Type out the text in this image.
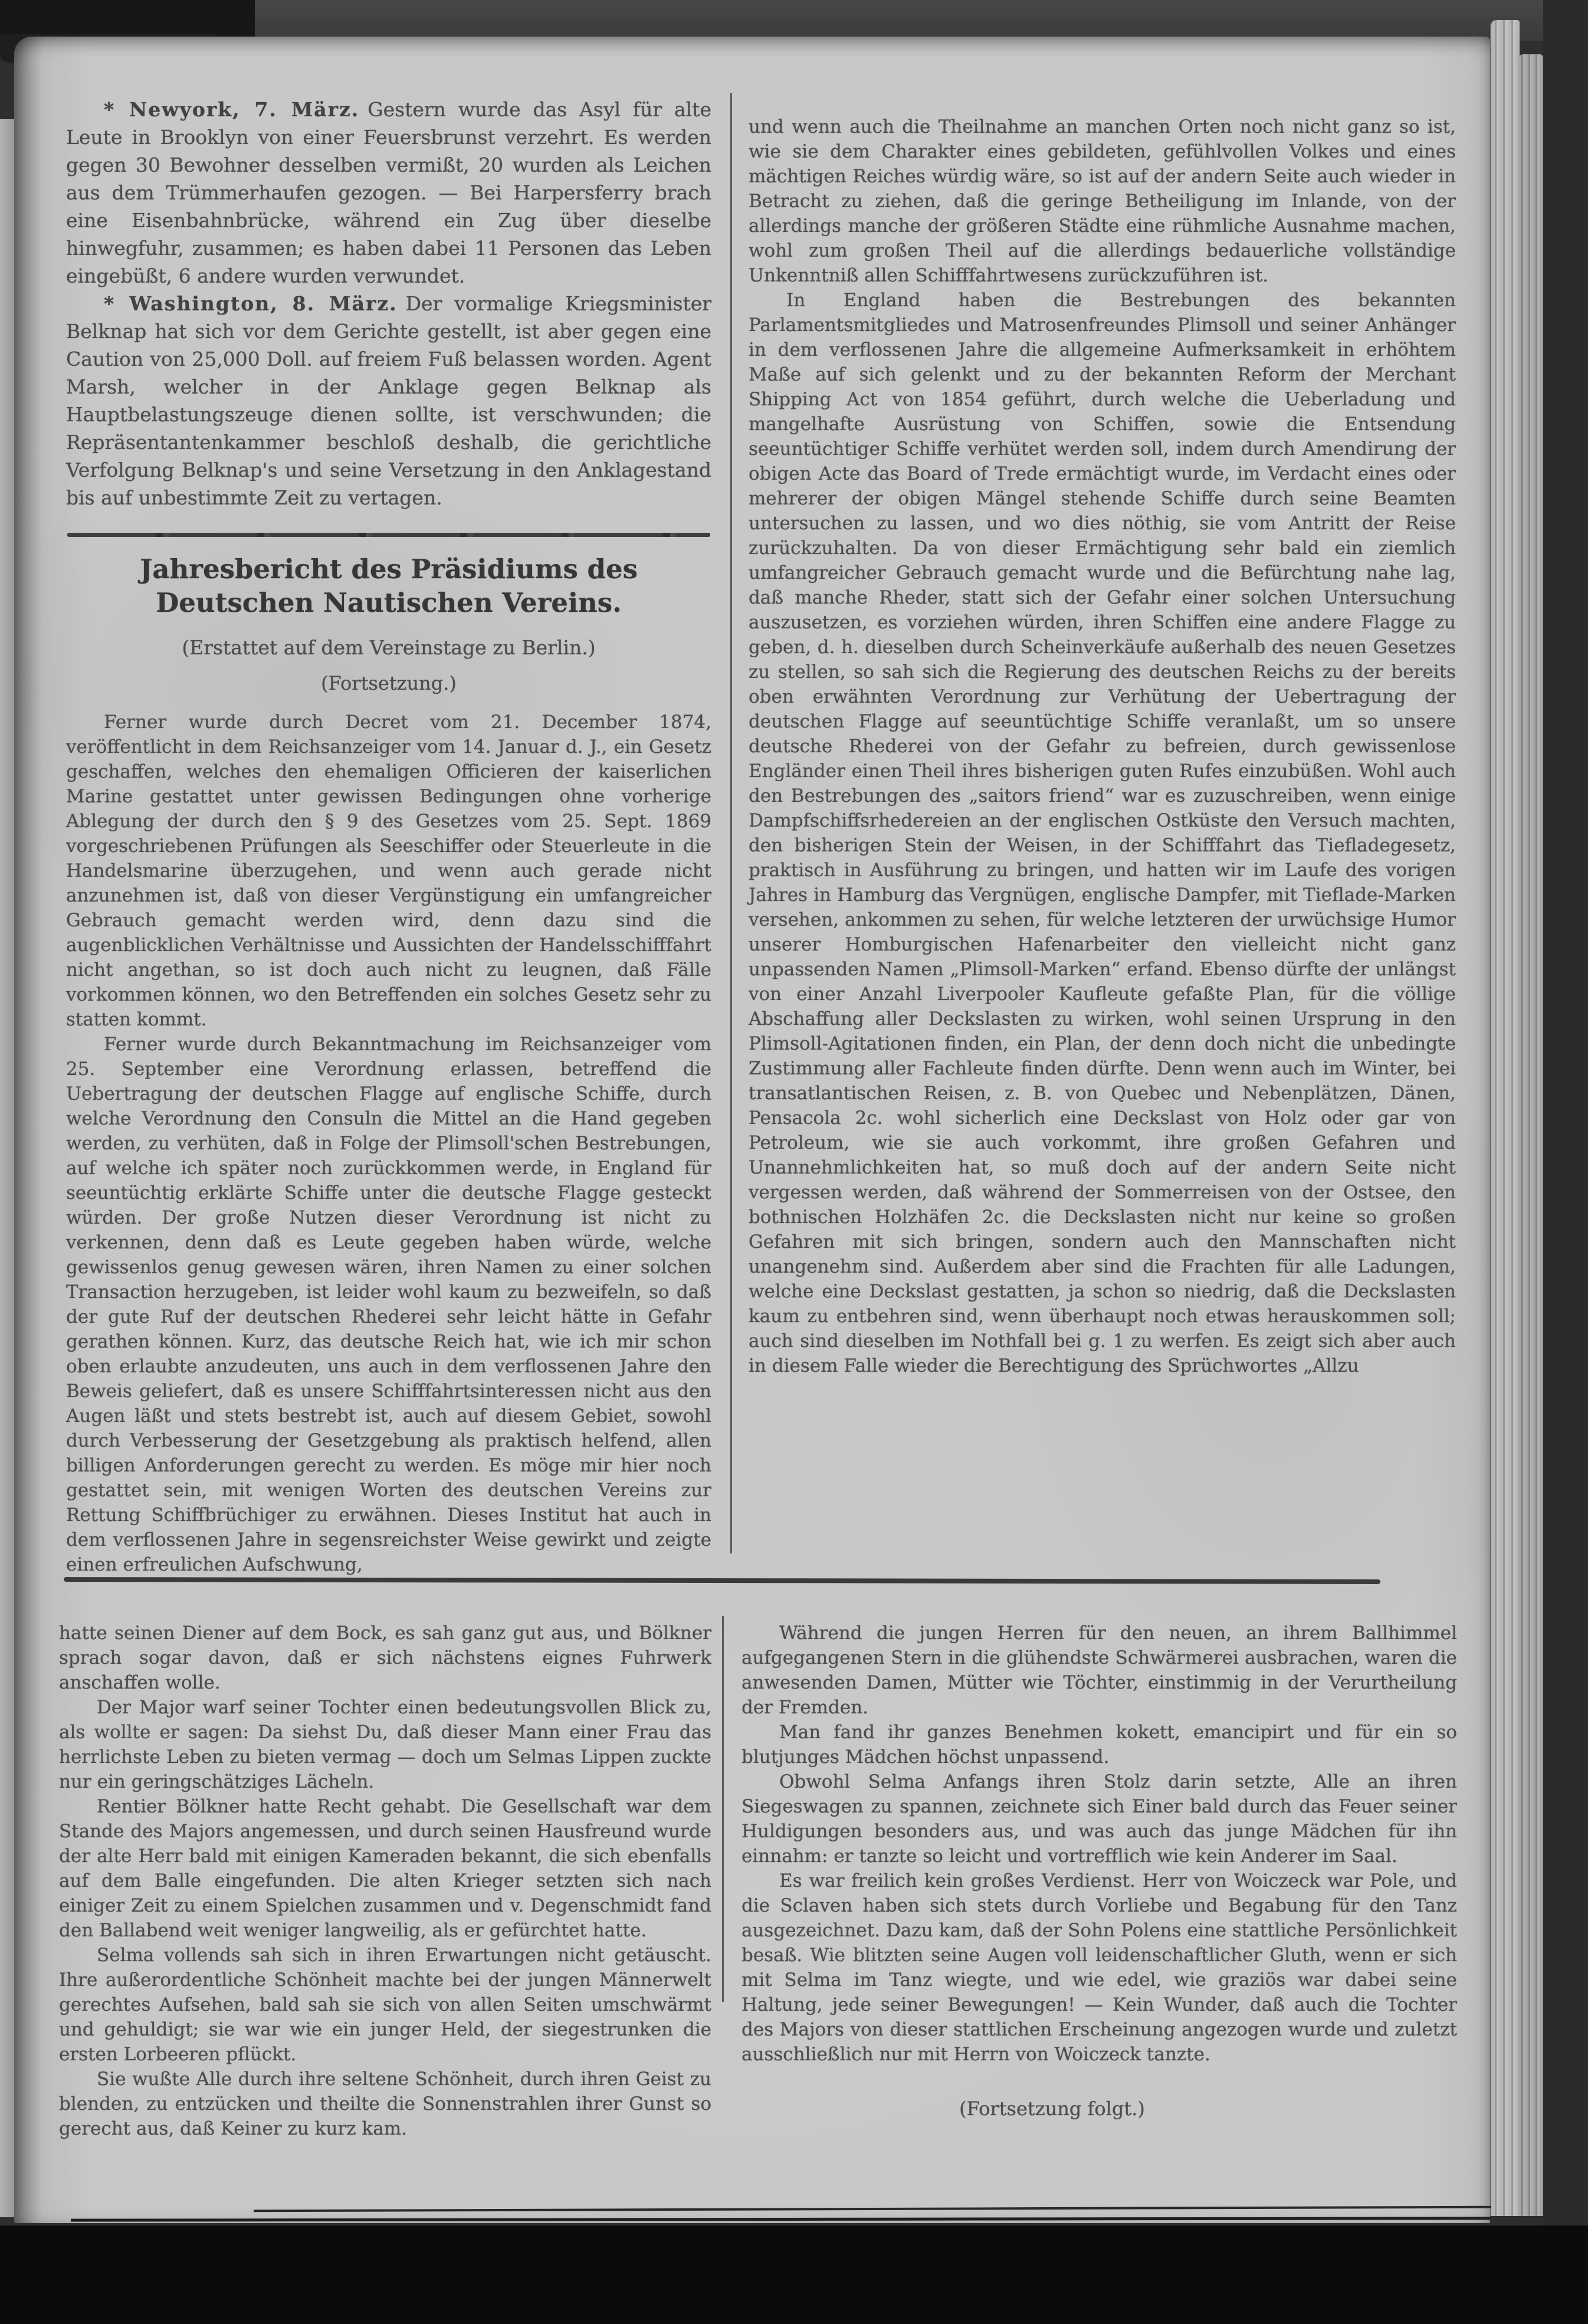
* Newyork, 7. März. Gestern wurde das Asyl für alte Leute in Brooklyn von einer Feuersbrunst verzehrt. Es werden gegen 30 Bewohner desselben vermißt, 20 wurden als Leichen aus dem Trümmerhaufen gezogen. — Bei Harpersferry brach eine Eisenbahnbrücke, während ein Zug über dieselbe hinwegfuhr, zusammen; es haben dabei 11 Personen das Leben eingebüßt, 6 andere wurden verwundet.

* Washington, 8. März. Der vormalige Kriegsminister Belknap hat sich vor dem Gerichte gestellt, ist aber gegen eine Caution von 25,000 Doll. auf freiem Fuß belassen worden. Agent Marsh, welcher in der Anklage gegen Belknap als Hauptbelastungszeuge dienen sollte, ist verschwunden; die Repräsentantenkammer beschloß deshalb, die gerichtliche Verfolgung Belknap's und seine Versetzung in den Anklagestand bis auf unbestimmte Zeit zu vertagen.

Jahresbericht des Präsidiums des Deutschen Nautischen Vereins.
(Erstattet auf dem Vereinstage zu Berlin.)
(Fortsetzung.)

Ferner wurde durch Decret vom 21. December 1874, veröffentlicht in dem Reichsanzeiger vom 14. Januar d. J., ein Gesetz geschaffen, welches den ehemaligen Officieren der kaiserlichen Marine gestattet unter gewissen Bedingungen ohne vorherige Ablegung der durch den § 9 des Gesetzes vom 25. Sept. 1869 vorgeschriebenen Prüfungen als Seeschiffer oder Steuerleute in die Handelsmarine überzugehen, und wenn auch gerade nicht anzunehmen ist, daß von dieser Vergünstigung ein umfangreicher Gebrauch gemacht werden wird, denn dazu sind die augenblicklichen Verhältnisse und Aussichten der Handelsschifffahrt nicht angethan, so ist doch auch nicht zu leugnen, daß Fälle vorkommen können, wo den Betreffenden ein solches Gesetz sehr zu statten kommt.

Ferner wurde durch Bekanntmachung im Reichsanzeiger vom 25. September eine Verordnung erlassen, betreffend die Uebertragung der deutschen Flagge auf englische Schiffe, durch welche Verordnung den Consuln die Mittel an die Hand gegeben werden, zu verhüten, daß in Folge der Plimsoll'schen Bestrebungen, auf welche ich später noch zurückkommen werde, in England für seeuntüchtig erklärte Schiffe unter die deutsche Flagge gesteckt würden. Der große Nutzen dieser Verordnung ist nicht zu verkennen, denn daß es Leute gegeben haben würde, welche gewissenlos genug gewesen wären, ihren Namen zu einer solchen Transaction herzugeben, ist leider wohl kaum zu bezweifeln, so daß der gute Ruf der deutschen Rhederei sehr leicht hätte in Gefahr gerathen können. Kurz, das deutsche Reich hat, wie ich mir schon oben erlaubte anzudeuten, uns auch in dem verflossenen Jahre den Beweis geliefert, daß es unsere Schifffahrtsinteressen nicht aus den Augen läßt und stets bestrebt ist, auch auf diesem Gebiet, sowohl durch Verbesserung der Gesetzgebung als praktisch helfend, allen billigen Anforderungen gerecht zu werden. Es möge mir hier noch gestattet sein, mit wenigen Worten des deutschen Vereins zur Rettung Schiffbrüchiger zu erwähnen. Dieses Institut hat auch in dem verflossenen Jahre in segensreichster Weise gewirkt und zeigte einen erfreulichen Aufschwung,

und wenn auch die Theilnahme an manchen Orten noch nicht ganz so ist, wie sie dem Charakter eines gebildeten, gefühlvollen Volkes und eines mächtigen Reiches würdig wäre, so ist auf der andern Seite auch wieder in Betracht zu ziehen, daß die geringe Betheiligung im Inlande, von der allerdings manche der größeren Städte eine rühmliche Ausnahme machen, wohl zum großen Theil auf die allerdings bedauerliche vollständige Unkenntniß allen Schifffahrtwesens zurückzuführen ist.

In England haben die Bestrebungen des bekannten Parlamentsmitgliedes und Matrosenfreundes Plimsoll und seiner Anhänger in dem verflossenen Jahre die allgemeine Aufmerksamkeit in erhöhtem Maße auf sich gelenkt und zu der bekannten Reform der Merchant Shipping Act von 1854 geführt, durch welche die Ueberladung und mangelhafte Ausrüstung von Schiffen, sowie die Entsendung seeuntüchtiger Schiffe verhütet werden soll, indem durch Amendirung der obigen Acte das Board of Trede ermächtigt wurde, im Verdacht eines oder mehrerer der obigen Mängel stehende Schiffe durch seine Beamten untersuchen zu lassen, und wo dies nöthig, sie vom Antritt der Reise zurückzuhalten. Da von dieser Ermächtigung sehr bald ein ziemlich umfangreicher Gebrauch gemacht wurde und die Befürchtung nahe lag, daß manche Rheder, statt sich der Gefahr einer solchen Untersuchung auszusetzen, es vorziehen würden, ihren Schiffen eine andere Flagge zu geben, d. h. dieselben durch Scheinverkäufe außerhalb des neuen Gesetzes zu stellen, so sah sich die Regierung des deutschen Reichs zu der bereits oben erwähnten Verordnung zur Verhütung der Uebertragung der deutschen Flagge auf seeuntüchtige Schiffe veranlaßt, um so unsere deutsche Rhederei von der Gefahr zu befreien, durch gewissenlose Engländer einen Theil ihres bisherigen guten Rufes einzubüßen. Wohl auch den Bestrebungen des „saitors friend“ war es zuzuschreiben, wenn einige Dampfschiffsrhedereien an der englischen Ostküste den Versuch machten, den bisherigen Stein der Weisen, in der Schifffahrt das Tiefladegesetz, praktisch in Ausführung zu bringen, und hatten wir im Laufe des vorigen Jahres in Hamburg das Vergnügen, englische Dampfer, mit Tieflade-Marken versehen, ankommen zu sehen, für welche letzteren der urwüchsige Humor unserer Homburgischen Hafenarbeiter den vielleicht nicht ganz unpassenden Namen „Plimsoll-Marken“ erfand. Ebenso dürfte der unlängst von einer Anzahl Liverpooler Kaufleute gefaßte Plan, für die völlige Abschaffung aller Deckslasten zu wirken, wohl seinen Ursprung in den Plimsoll-Agitationen finden, ein Plan, der denn doch nicht die unbedingte Zustimmung aller Fachleute finden dürfte. Denn wenn auch im Winter, bei transatlantischen Reisen, z. B. von Quebec und Nebenplätzen, Dänen, Pensacola 2c. wohl sicherlich eine Deckslast von Holz oder gar von Petroleum, wie sie auch vorkommt, ihre großen Gefahren und Unannehmlichkeiten hat, so muß doch auf der andern Seite nicht vergessen werden, daß während der Sommerreisen von der Ostsee, den bothnischen Holzhäfen 2c. die Deckslasten nicht nur keine so großen Gefahren mit sich bringen, sondern auch den Mannschaften nicht unangenehm sind. Außerdem aber sind die Frachten für alle Ladungen, welche eine Deckslast gestatten, ja schon so niedrig, daß die Deckslasten kaum zu entbehren sind, wenn überhaupt noch etwas herauskommen soll; auch sind dieselben im Nothfall bei g. 1 zu werfen. Es zeigt sich aber auch in diesem Falle wieder die Berechtigung des Sprüchwortes „Allzu

hatte seinen Diener auf dem Bock, es sah ganz gut aus, und Bölkner sprach sogar davon, daß er sich nächstens eignes Fuhrwerk anschaffen wolle.

Der Major warf seiner Tochter einen bedeutungsvollen Blick zu, als wollte er sagen: Da siehst Du, daß dieser Mann einer Frau das herrlichste Leben zu bieten vermag — doch um Selmas Lippen zuckte nur ein geringschätziges Lächeln.

Rentier Bölkner hatte Recht gehabt. Die Gesellschaft war dem Stande des Majors angemessen, und durch seinen Hausfreund wurde der alte Herr bald mit einigen Kameraden bekannt, die sich ebenfalls auf dem Balle eingefunden. Die alten Krieger setzten sich nach einiger Zeit zu einem Spielchen zusammen und v. Degenschmidt fand den Ballabend weit weniger langweilig, als er gefürchtet hatte.

Selma vollends sah sich in ihren Erwartungen nicht getäuscht. Ihre außerordentliche Schönheit machte bei der jungen Männerwelt gerechtes Aufsehen, bald sah sie sich von allen Seiten umschwärmt und gehuldigt; sie war wie ein junger Held, der siegestrunken die ersten Lorbeeren pflückt.

Sie wußte Alle durch ihre seltene Schönheit, durch ihren Geist zu blenden, zu entzücken und theilte die Sonnenstrahlen ihrer Gunst so gerecht aus, daß Keiner zu kurz kam.

Während die jungen Herren für den neuen, an ihrem Ballhimmel aufgegangenen Stern in die glühendste Schwärmerei ausbrachen, waren die anwesenden Damen, Mütter wie Töchter, einstimmig in der Verurtheilung der Fremden.

Man fand ihr ganzes Benehmen kokett, emancipirt und für ein so blutjunges Mädchen höchst unpassend.

Obwohl Selma Anfangs ihren Stolz darin setzte, Alle an ihren Siegeswagen zu spannen, zeichnete sich Einer bald durch das Feuer seiner Huldigungen besonders aus, und was auch das junge Mädchen für ihn einnahm: er tanzte so leicht und vortrefflich wie kein Anderer im Saal.

Es war freilich kein großes Verdienst. Herr von Woiczeck war Pole, und die Sclaven haben sich stets durch Vorliebe und Begabung für den Tanz ausgezeichnet. Dazu kam, daß der Sohn Polens eine stattliche Persönlichkeit besaß. Wie blitzten seine Augen voll leidenschaftlicher Gluth, wenn er sich mit Selma im Tanz wiegte, und wie edel, wie graziös war dabei seine Haltung, jede seiner Bewegungen! — Kein Wunder, daß auch die Tochter des Majors von dieser stattlichen Erscheinung angezogen wurde und zuletzt ausschließlich nur mit Herrn von Woiczeck tanzte.

(Fortsetzung folgt.)
